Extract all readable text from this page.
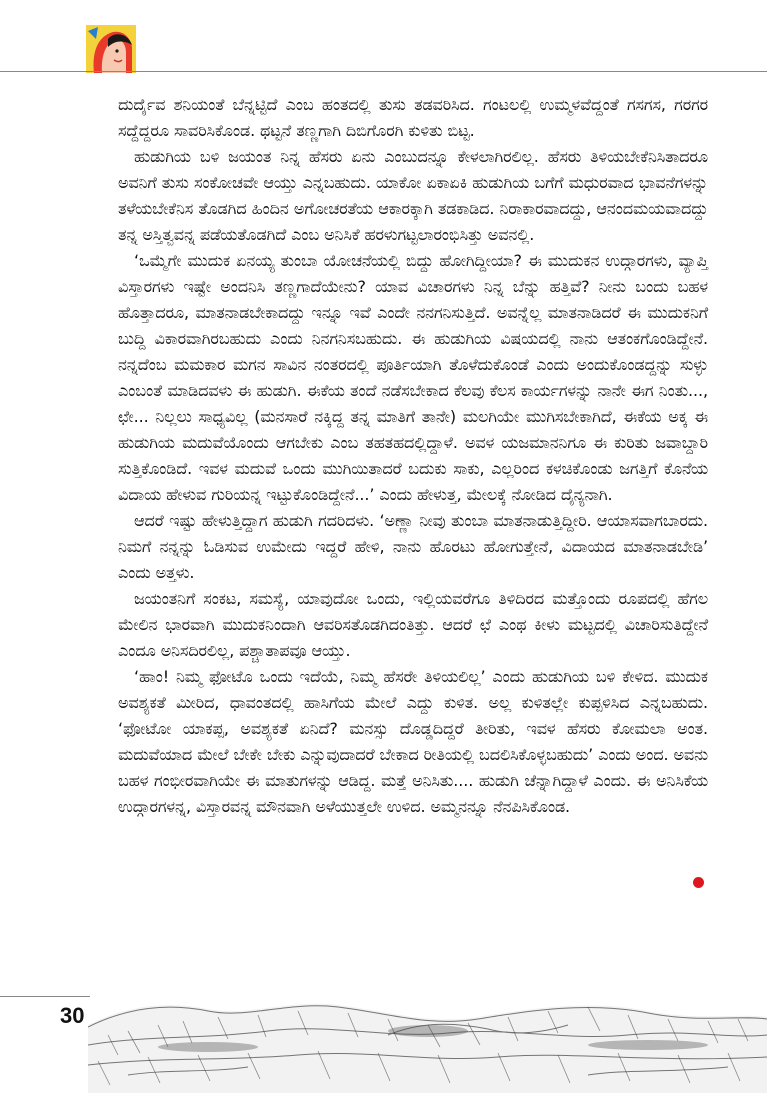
ದುರ್ದೈವ ಶನಿಯಂತೆ ಬೆನ್ನಟ್ಟಿದೆ ಎಂಬ ಹಂತದಲ್ಲಿ ತುಸು ತಡವರಿಸಿದ. ಗಂಟಲಲ್ಲಿ ಉಮ್ಮಳವೆದ್ದಂತೆ ಗಸಗಸ, ಗರಗರ ಸದ್ದೆದ್ದರೂ ಸಾವರಿಸಿಕೊಂಡ. ಥಟ್ಟನೆ ತಣ್ಣಗಾಗಿ ದಿಬಿಗೊರಗಿ ಕುಳಿತು ಬಿಟ್ಟ.

ಹುಡುಗಿಯ ಬಳಿ ಜಯಂತ ನಿನ್ನ ಹೆಸರು ಏನು ಎಂಬುದನ್ನೂ ಕೇಳಲಾಗಿರಲಿಲ್ಲ. ಹೆಸರು ತಿಳಿಯಬೇಕೆನಿಸಿತಾದರೂ ಅವನಿಗೆ ತುಸು ಸಂಕೋಚವೇ ಆಯ್ತು ಎನ್ನಬಹುದು. ಯಾಕೋ ಏಕಾಏಕಿ ಹುಡುಗಿಯ ಬಗೆಗೆ ಮಧುರವಾದ ಭಾವನೆಗಳನ್ನು ತಳೆಯಬೇಕೆನಿಸ ತೊಡಗಿದ ಹಿಂದಿನ ಅಗೋಚರತೆಯ ಆಕಾರಕ್ಕಾಗಿ ತಡಕಾಡಿದ. ನಿರಾಕಾರವಾದದ್ದು, ಆನಂದಮಯವಾದದ್ದು ತನ್ನ ಅಸ್ತಿತ್ವವನ್ನ ಪಡೆಯತೊಡಗಿದೆ ಎಂಬ ಅನಿಸಿಕೆ ಹರಳುಗಟ್ಟಲಾರಂಭಿಸಿತ್ತು ಅವನಲ್ಲಿ.

‘ಒಮ್ಮೆಗೇ ಮುದುಕ ಏನಯ್ಯ ತುಂಬಾ ಯೋಚನೆಯಲ್ಲಿ ಬಿದ್ದು ಹೋಗಿದ್ದೀಯಾ? ಈ ಮುದುಕನ ಉದ್ಗಾರಗಳು, ವ್ಯಾಪ್ತಿ ವಿಸ್ತಾರಗಳು ಇಷ್ಟೇ ಅಂದನಿಸಿ ತಣ್ಣಗಾದೆಯೇನು? ಯಾವ ವಿಚಾರಗಳು ನಿನ್ನ ಬೆನ್ನು ಹತ್ತಿವೆ? ನೀನು ಬಂದು ಬಹಳ ಹೊತ್ತಾದರೂ, ಮಾತನಾಡಬೇಕಾದದ್ದು ಇನ್ನೂ ಇವೆ ಎಂದೇ ನನಗನಿಸುತ್ತಿದೆ. ಅವನ್ನೆಲ್ಲ ಮಾತನಾಡಿದರೆ ಈ ಮುದುಕನಿಗೆ ಬುದ್ದಿ ವಿಕಾರವಾಗಿರಬಹುದು ಎಂದು ನಿನಗನಿಸಬಹುದು. ಈ ಹುಡುಗಿಯ ವಿಷಯದಲ್ಲಿ ನಾನು ಆತಂಕಗೊಂಡಿದ್ದೇನೆ. ನನ್ನದೆಂಬ ಮಮಕಾರ ಮಗನ ಸಾವಿನ ನಂತರದಲ್ಲಿ ಪೂರ್ತಿಯಾಗಿ ತೊಳೆದುಕೊಂಡೆ ಎಂದು ಅಂದುಕೊಂಡದ್ದನ್ನು ಸುಳ್ಳು ಎಂಬಂತೆ ಮಾಡಿದವಳು ಈ ಹುಡುಗಿ. ಈಕೆಯ ತಂದೆ ನಡೆಸಬೇಕಾದ ಕೆಲವು ಕೆಲಸ ಕಾರ್ಯಗಳನ್ನು ನಾನೇ ಈಗ ನಿಂತು..., ಛೇ... ನಿಲ್ಲಲು ಸಾಧ್ಯವಿಲ್ಲ (ಮನಸಾರೆ ನಕ್ಕಿದ್ದ ತನ್ನ ಮಾತಿಗೆ ತಾನೇ) ಮಲಗಿಯೇ ಮುಗಿಸಬೇಕಾಗಿದೆ, ಈಕೆಯ ಅಕ್ಕ ಈ ಹುಡುಗಿಯ ಮದುವೆಯೊಂದು ಆಗಬೇಕು ಎಂಬ ತಹತಹದಲ್ಲಿದ್ದಾಳೆ. ಅವಳ ಯಜಮಾನನಿಗೂ ಈ ಕುರಿತು ಜವಾಬ್ದಾರಿ ಸುತ್ತಿಕೊಂಡಿದೆ. ಇವಳ ಮದುವೆ ಒಂದು ಮುಗಿಯಿತಾದರೆ ಬದುಕು ಸಾಕು, ಎಲ್ಲರಿಂದ ಕಳಚಿಕೊಂಡು ಜಗತ್ತಿಗೆ ಕೊನೆಯ ವಿದಾಯ ಹೇಳುವ ಗುರಿಯನ್ನ ಇಟ್ಟುಕೊಂಡಿದ್ದೇನೆ...’ ಎಂದು ಹೇಳುತ್ತ, ಮೇಲಕ್ಕೆ ನೋಡಿದ ದೈನ್ಯನಾಗಿ.

ಆದರೆ ಇಷ್ಟು ಹೇಳುತ್ತಿದ್ದಾಗ ಹುಡುಗಿ ಗದರಿದಳು. ‘ಅಣ್ಣಾ ನೀವು ತುಂಬಾ ಮಾತನಾಡುತ್ತಿದ್ದೀರಿ. ಆಯಾಸವಾಗಬಾರದು. ನಿಮಗೆ ನನ್ನನ್ನು ಓಡಿಸುವ ಉಮೇದು ಇದ್ದರೆ ಹೇಳಿ, ನಾನು ಹೊರಟು ಹೋಗುತ್ತೇನೆ, ವಿದಾಯದ ಮಾತನಾಡಬೇಡಿ’ ಎಂದು ಅತ್ತಳು.

ಜಯಂತನಿಗೆ ಸಂಕಟ, ಸಮಸ್ಯೆ, ಯಾವುದೋ ಒಂದು, ಇಲ್ಲಿಯವರೆಗೂ ತಿಳಿದಿರದ ಮತ್ತೊಂದು ರೂಪದಲ್ಲಿ ಹೆಗಲ ಮೇಲಿನ ಭಾರವಾಗಿ ಮುದುಕನಿಂದಾಗಿ ಆವರಿಸತೊಡಗಿದಂತಿತ್ತು. ಆದರೆ ಛೆ ಎಂಥ ಕೀಳು ಮಟ್ಟದಲ್ಲಿ ವಿಚಾರಿಸುತಿದ್ದೇನೆ ಎಂದೂ ಅನಿಸದಿರಲಿಲ್ಲ, ಪಶ್ಚಾತಾಪವೂ ಆಯ್ತು.

‘ಹಾಂ! ನಿಮ್ಮ ಫೋಟೊ ಒಂದು ಇದೆಯೆ, ನಿಮ್ಮ ಹೆಸರೇ ತಿಳಿಯಲಿಲ್ಲ’ ಎಂದು ಹುಡುಗಿಯ ಬಳಿ ಕೇಳಿದ. ಮುದುಕ ಅವಶ್ಯಕತೆ ಮೀರಿದ, ಧಾವಂತದಲ್ಲಿ ಹಾಸಿಗೆಯ ಮೇಲೆ ಎದ್ದು ಕುಳಿತ. ಅಲ್ಲ ಕುಳಿತಲ್ಲೇ ಕುಪ್ಪಳಿಸಿದ ಎನ್ನಬಹುದು. ‘ಫೋಟೋ ಯಾಕಪ್ಪ, ಅವಶ್ಯಕತೆ ಏನಿದೆ? ಮನಸ್ಸು ದೊಡ್ಡದಿದ್ದರೆ ತೀರಿತು, ಇವಳ ಹೆಸರು ಕೋಮಲಾ ಅಂತ. ಮದುವೆಯಾದ ಮೇಲೆ ಬೇಕೇ ಬೇಕು ಎನ್ನುವುದಾದರೆ ಬೇಕಾದ ರೀತಿಯಲ್ಲಿ ಬದಲಿಸಿಕೊಳ್ಳಬಹುದು’ ಎಂದು ಅಂದ. ಅವನು ಬಹಳ ಗಂಭೀರವಾಗಿಯೇ ಈ ಮಾತುಗಳನ್ನು ಆಡಿದ್ದ. ಮತ್ತೆ ಅನಿಸಿತು.... ಹುಡುಗಿ ಚೆನ್ನಾಗಿದ್ದಾಳೆ ಎಂದು. ಈ ಅನಿಸಿಕೆಯ ಉದ್ಗಾರಗಳನ್ನ, ವಿಸ್ತಾರವನ್ನ ಮೌನವಾಗಿ ಅಳೆಯುತ್ತಲೇ ಉಳಿದ. ಅಮ್ಮನನ್ನೂ ನೆನಪಿಸಿಕೊಂಡ.

30
